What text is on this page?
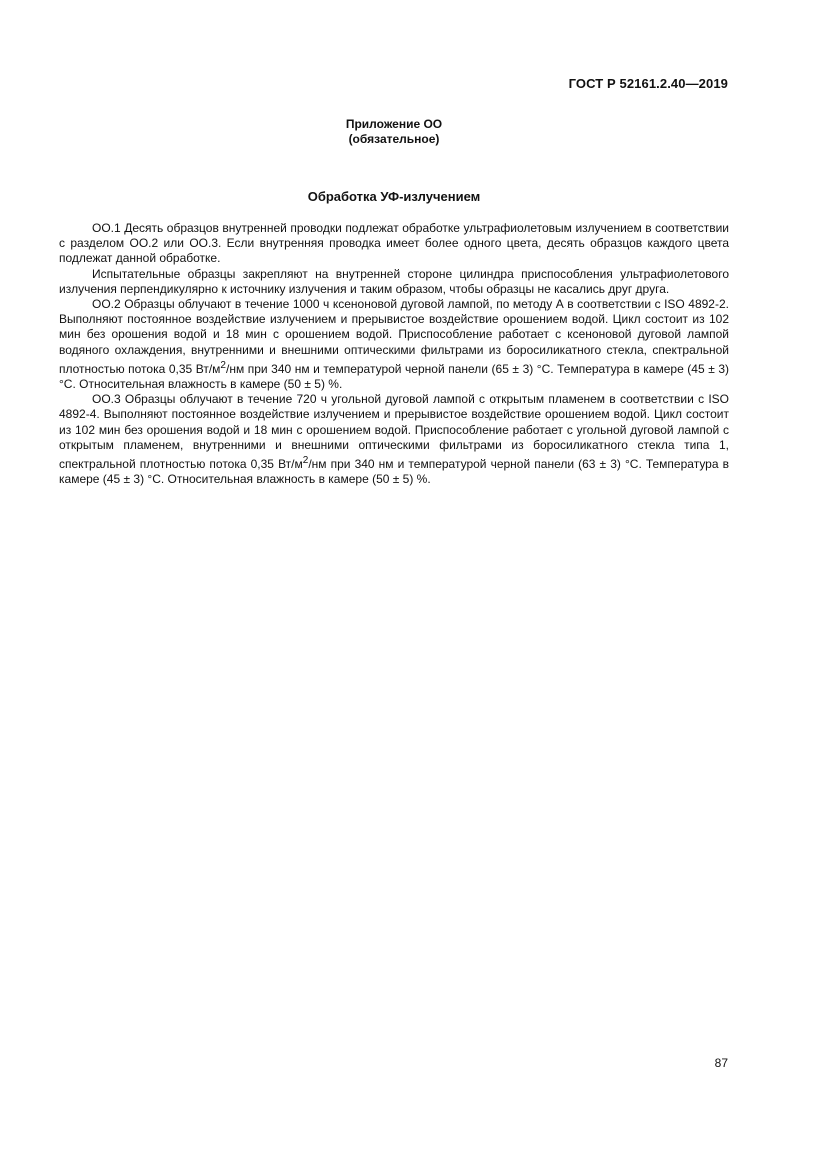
ГОСТ Р 52161.2.40—2019
Приложение ОО
(обязательное)
Обработка УФ-излучением

ОО.1 Десять образцов внутренней проводки подлежат обработке ультрафиолетовым излучением в соответствии с разделом ОО.2 или ОО.3. Если внутренняя проводка имеет более одного цвета, десять образцов каждого цвета подлежат данной обработке.

Испытательные образцы закрепляют на внутренней стороне цилиндра приспособления ультрафиолетового излучения перпендикулярно к источнику излучения и таким образом, чтобы образцы не касались друг друга.

ОО.2 Образцы облучают в течение 1000 ч ксеноновой дуговой лампой, по методу А в соответствии с ISO 4892-2. Выполняют постоянное воздействие излучением и прерывистое воздействие орошением водой. Цикл состоит из 102 мин без орошения водой и 18 мин с орошением водой. Приспособление работает с ксеноновой дуговой лампой водяного охлаждения, внутренними и внешними оптическими фильтрами из боросиликатного стекла, спектральной плотностью потока 0,35 $Вт/м^2/нм$ при 340 нм и температурой черной панели (65 ± 3) °С. Температура в камере (45 ± 3) °С. Относительная влажность в камере (50 ± 5) %.

ОО.3 Образцы облучают в течение 720 ч угольной дуговой лампой с открытым пламенем в соответствии с ISO 4892-4. Выполняют постоянное воздействие излучением и прерывистое воздействие орошением водой. Цикл состоит из 102 мин без орошения водой и 18 мин с орошением водой. Приспособление работает с угольной дуговой лампой с открытым пламенем, внутренними и внешними оптическими фильтрами из боросиликатного стекла типа 1, спектральной плотностью потока 0,35 $Вт/м^2/нм$ при 340 нм и температурой черной панели (63 ± 3) °С. Температура в камере (45 ± 3) °С. Относительная влажность в камере (50 ± 5) %.

87
